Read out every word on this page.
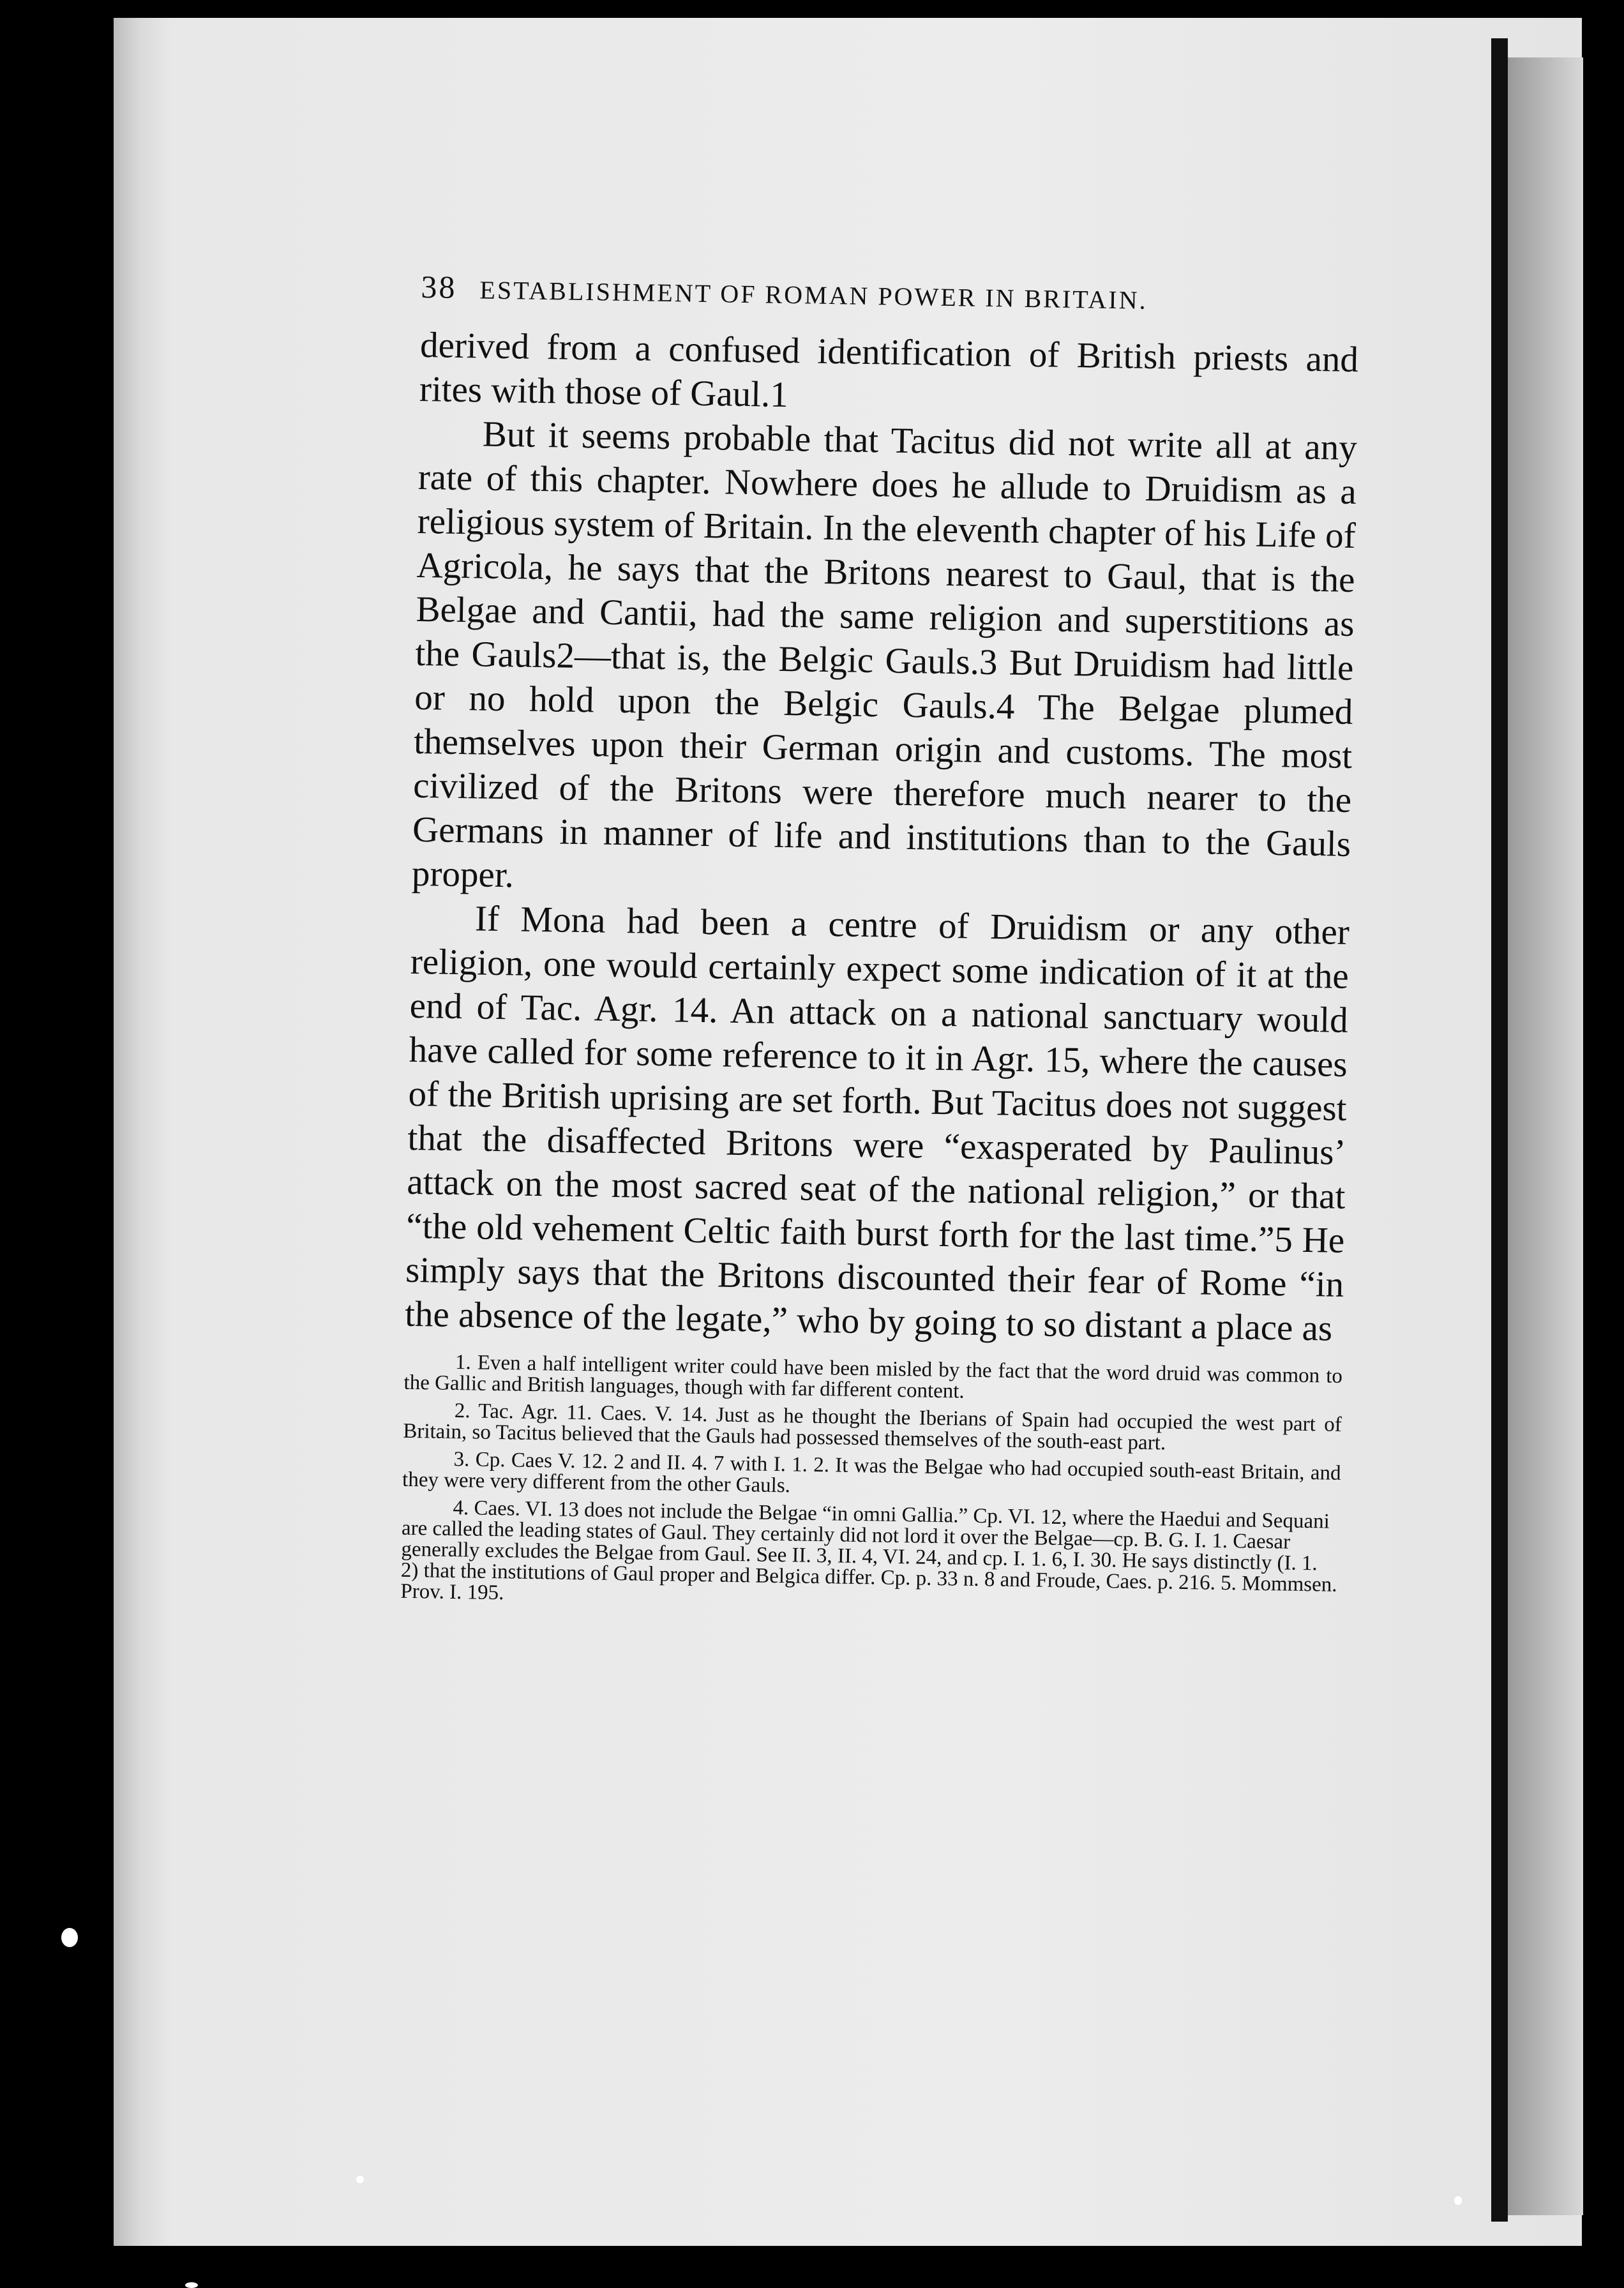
38 ESTABLISHMENT OF ROMAN POWER IN BRITAIN.

derived from a confused identification of British priests and rites with those of Gaul.1

But it seems probable that Tacitus did not write all at any rate of this chapter. Nowhere does he allude to Druidism as a religious system of Britain. In the eleventh chapter of his Life of Agricola, he says that the Britons nearest to Gaul, that is the Belgae and Cantii, had the same religion and superstitions as the Gauls2—that is, the Belgic Gauls.3 But Druidism had little or no hold upon the Belgic Gauls.4 The Belgae plumed themselves upon their German origin and customs. The most civilized of the Britons were therefore much nearer to the Germans in manner of life and institutions than to the Gauls proper.

If Mona had been a centre of Druidism or any other religion, one would certainly expect some indication of it at the end of Tac. Agr. 14. An attack on a national sanctuary would have called for some reference to it in Agr. 15, where the causes of the British uprising are set forth. But Tacitus does not suggest that the disaffected Britons were “exasperated by Paulinus’ attack on the most sacred seat of the national religion,” or that “the old vehement Celtic faith burst forth for the last time.”5 He simply says that the Britons discounted their fear of Rome “in the absence of the legate,” who by going to so distant a place as

1. Even a half intelligent writer could have been misled by the fact that the word druid was common to the Gallic and British languages, though with far different content.

2. Tac. Agr. 11. Caes. V. 14. Just as he thought the Iberians of Spain had occupied the west part of Britain, so Tacitus believed that the Gauls had possessed themselves of the south-east part.

3. Cp. Caes V. 12. 2 and II. 4. 7 with I. 1. 2. It was the Belgae who had occupied south-east Britain, and they were very different from the other Gauls.

4. Caes. VI. 13 does not include the Belgae “in omni Gallia.” Cp. VI. 12, where the Haedui and Sequani are called the leading states of Gaul. They certainly did not lord it over the Belgae—cp. B. G. I. 1. Caesar generally excludes the Belgae from Gaul. See II. 3, II. 4, VI. 24, and cp. I. 1. 6, I. 30. He says distinctly (I. 1. 2) that the institutions of Gaul proper and Belgica differ. Cp. p. 33 n. 8 and Froude, Caes. p. 216. 5. Mommsen. Prov. I. 195.
